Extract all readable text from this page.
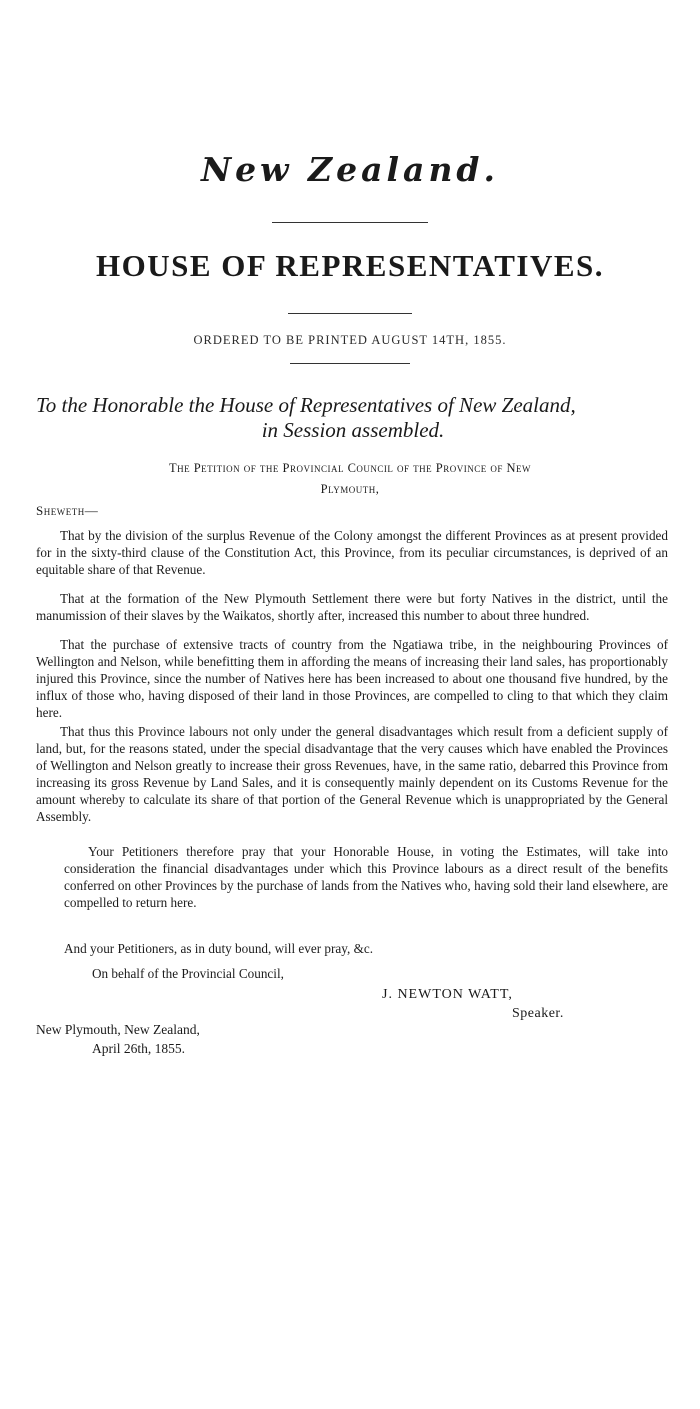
New Zealand.
HOUSE OF REPRESENTATIVES.
ORDERED TO BE PRINTED AUGUST 14TH, 1855.
To the Honorable the House of Representatives of New Zealand,
in Session assembled.
The Petition of the Provincial Council of the Province of New
Plymouth,
Sheweth—

That by the division of the surplus Revenue of the Colony amongst the different Provinces as at present provided for in the sixty-third clause of the Constitution Act, this Province, from its peculiar circumstances, is deprived of an equitable share of that Revenue.

That at the formation of the New Plymouth Settlement there were but forty Natives in the district, until the manumission of their slaves by the Waikatos, shortly after, increased this number to about three hundred.

That the purchase of extensive tracts of country from the Ngatiawa tribe, in the neighbouring Provinces of Wellington and Nelson, while benefitting them in affording the means of increasing their land sales, has proportionably injured this Province, since the number of Natives here has been increased to about one thousand five hundred, by the influx of those who, having disposed of their land in those Provinces, are compelled to cling to that which they claim here.

That thus this Province labours not only under the general disadvantages which result from a deficient supply of land, but, for the reasons stated, under the special disadvantage that the very causes which have enabled the Provinces of Wellington and Nelson greatly to increase their gross Revenues, have, in the same ratio, debarred this Province from increasing its gross Revenue by Land Sales, and it is consequently mainly dependent on its Customs Revenue for the amount whereby to calculate its share of that portion of the General Revenue which is unappropriated by the General Assembly.

Your Petitioners therefore pray that your Honorable House, in voting the Estimates, will take into consideration the financial disadvantages under which this Province labours as a direct result of the benefits conferred on other Provinces by the purchase of lands from the Natives who, having sold their land elsewhere, are compelled to return here.

And your Petitioners, as in duty bound, will ever pray, &c.
On behalf of the Provincial Council,
J. NEWTON WATT,
Speaker.
New Plymouth, New Zealand,
April 26th, 1855.
